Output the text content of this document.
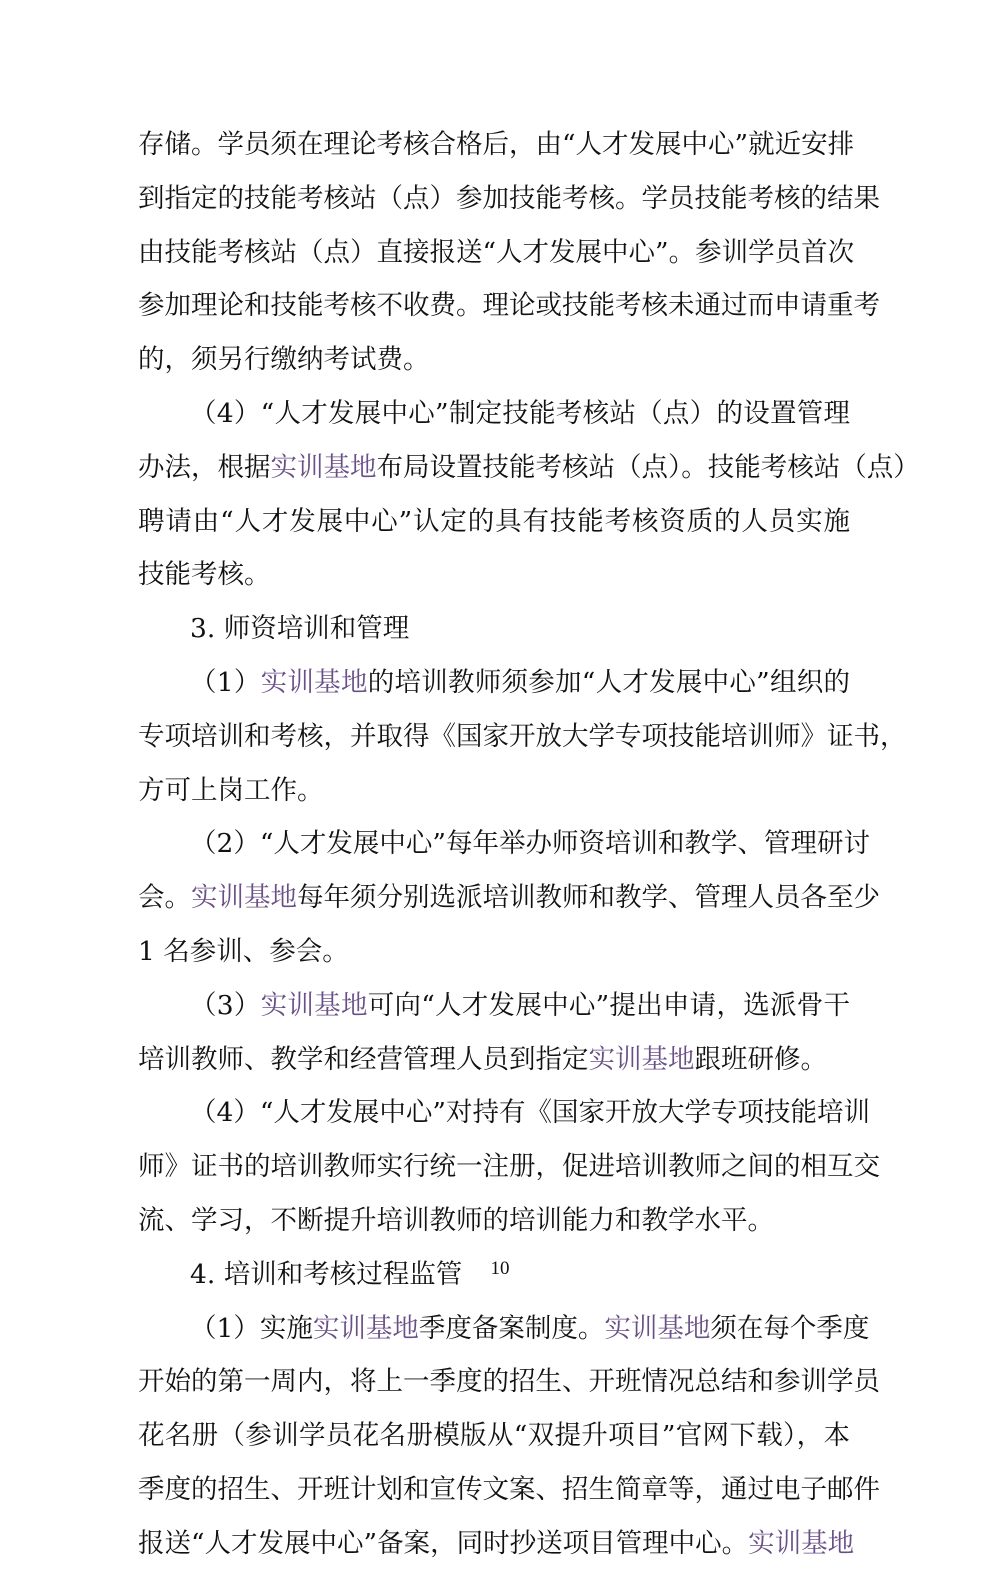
存储。学员须在理论考核合格后，由“人才发展中心”就近安排
到指定的技能考核站（点）参加技能考核。学员技能考核的结果
由技能考核站（点）直接报送“人才发展中心”。参训学员首次
参加理论和技能考核不收费。理论或技能考核未通过而申请重考
的，须另行缴纳考试费。
（4）“人才发展中心”制定技能考核站（点）的设置管理
办法，根据实训基地布局设置技能考核站（点）。技能考核站（点）
聘请由“人才发展中心”认定的具有技能考核资质的人员实施
技能考核。
3. 师资培训和管理
（1）实训基地的培训教师须参加“人才发展中心”组织的
专项培训和考核，并取得《国家开放大学专项技能培训师》证书，
方可上岗工作。
（2）“人才发展中心”每年举办师资培训和教学、管理研讨
会。实训基地每年须分别选派培训教师和教学、管理人员各至少
1 名参训、参会。
（3）实训基地可向“人才发展中心”提出申请，选派骨干
培训教师、教学和经营管理人员到指定实训基地跟班研修。
（4）“人才发展中心”对持有《国家开放大学专项技能培训
师》证书的培训教师实行统一注册，促进培训教师之间的相互交
流、学习，不断提升培训教师的培训能力和教学水平。
4. 培训和考核过程监管
（1）实施实训基地季度备案制度。实训基地须在每个季度
开始的第一周内，将上一季度的招生、开班情况总结和参训学员
花名册（参训学员花名册模版从“双提升项目”官网下载），本
季度的招生、开班计划和宣传文案、招生简章等，通过电子邮件
报送“人才发展中心”备案，同时抄送项目管理中心。实训基地
10
